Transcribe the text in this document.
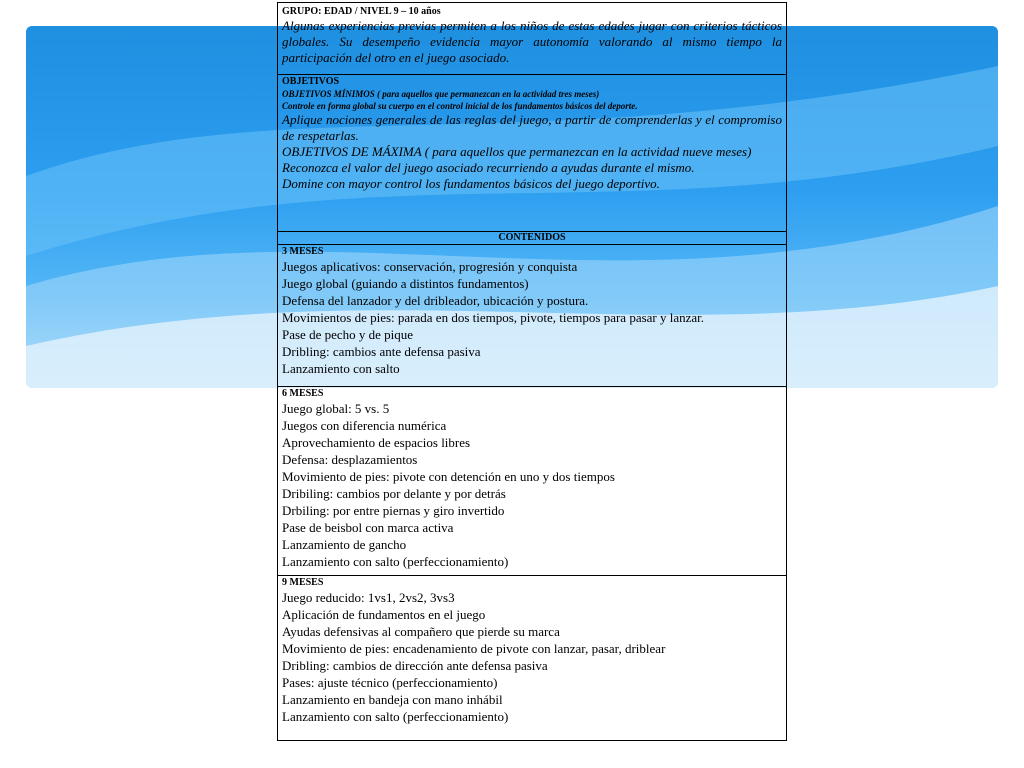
GRUPO: EDAD / NIVEL 9 – 10 años
Algunas experiencias previas permiten a los niños de estas edades jugar con criterios tácticos globales. Su desempeño evidencia mayor autonomía valorando al mismo tiempo la participación del otro en el juego asociado.
OBJETIVOS
OBJETIVOS MÍNIMOS ( para aquellos que permanezcan en la actividad tres meses)
Controle en forma global su cuerpo en el control inicial de los fundamentos básicos del deporte.
Aplique nociones generales de las reglas del juego, a partir de comprenderlas y el compromiso de respetarlas.
OBJETIVOS DE MÁXIMA ( para aquellos que permanezcan en la actividad nueve meses)
Reconozca el valor del juego asociado recurriendo a ayudas durante el mismo.
Domine con mayor control los fundamentos básicos del juego deportivo.
CONTENIDOS
3 MESES
Juegos aplicativos: conservación, progresión y conquista
Juego global (guiando a distintos fundamentos)
Defensa del lanzador y del dribleador, ubicación y postura.
Movimientos de pies: parada en dos tiempos, pivote, tiempos para pasar y lanzar.
Pase de pecho y de pique
Dribling: cambios ante defensa pasiva
Lanzamiento con salto
6 MESES
Juego global: 5 vs. 5
Juegos con diferencia numérica
Aprovechamiento de espacios libres
Defensa: desplazamientos
Movimiento de pies: pivote con detención en uno y dos tiempos
Dribiling: cambios por delante y por detrás
Drbiling: por entre piernas y giro invertido
Pase de beisbol con marca activa
Lanzamiento de gancho
Lanzamiento con salto (perfeccionamiento)
9 MESES
Juego reducido: 1vs1, 2vs2, 3vs3
Aplicación de fundamentos en el juego
Ayudas defensivas al compañero que pierde su marca
Movimiento de pies: encadenamiento de pivote con lanzar, pasar, driblear
Dribling: cambios de dirección ante defensa pasiva
Pases: ajuste técnico (perfeccionamiento)
Lanzamiento en bandeja con mano inhábil
Lanzamiento con salto (perfeccionamiento)
